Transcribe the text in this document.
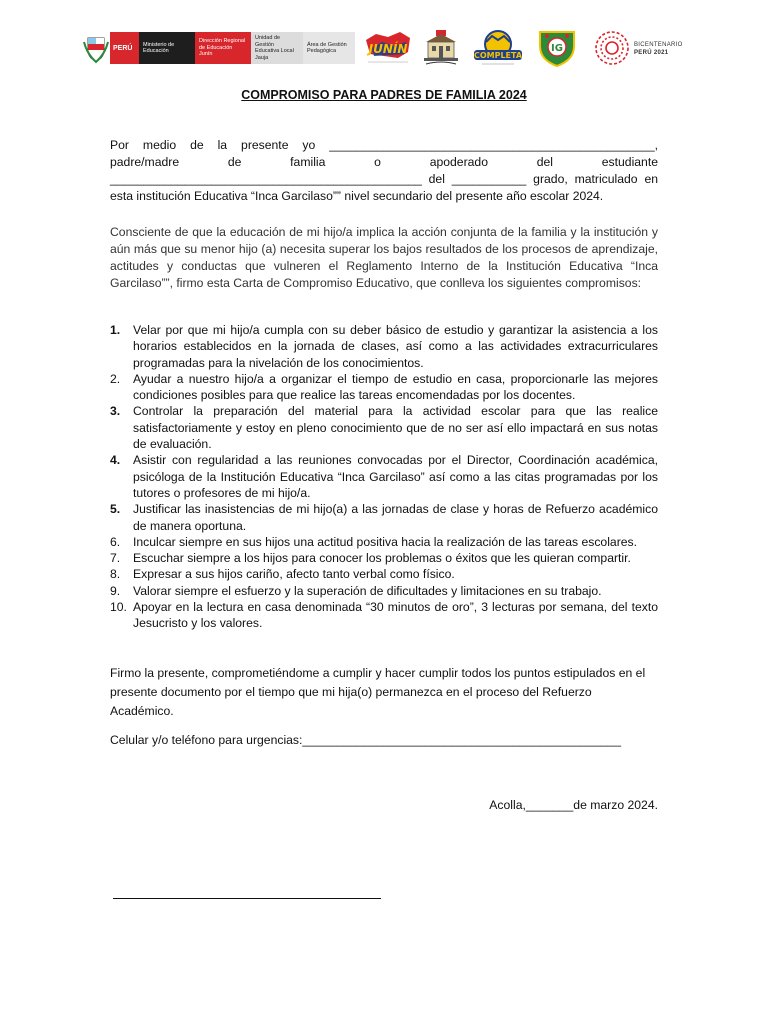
PERÚ	Ministerio de Educación
Dirección Regional de Educación Junín
Unidad de Gestión Educativa Local Jauja
Área de Gestión Pedagógica	JUNÍN	COMPLETA
IG	BICENTENARIO
PERÚ 2021
COMPROMISO PARA PADRES DE FAMILIA 2024
Por medio de la presente yo ________________________________________________, padre/madre de familia o apoderado del estudiante ______________________________________________ del ___________ grado, matriculado en esta institución Educativa “Inca Garcilaso”” nivel secundario del presente año escolar 2024.
Consciente de que la educación de mi hijo/a implica la acción conjunta de la familia y la institución y aún más que su menor hijo (a) necesita superar los bajos resultados de los procesos de aprendizaje, actitudes y conductas que vulneren el Reglamento Interno de la Institución Educativa “Inca Garcilaso””, firmo esta Carta de Compromiso Educativo, que conlleva los siguientes compromisos:
1.	Velar por que mi hijo/a cumpla con su deber básico de estudio y garantizar la asistencia a los horarios establecidos en la jornada de clases, así como a las actividades extracurriculares programadas para la nivelación de los conocimientos.
2.	Ayudar a nuestro hijo/a a organizar el tiempo de estudio en casa, proporcionarle las mejores condiciones posibles para que realice las tareas encomendadas por los docentes.
3.	Controlar la preparación del material para la actividad escolar para que las realice satisfactoriamente y estoy en pleno conocimiento que de no ser así ello impactará en sus notas de evaluación.
4.	Asistir con regularidad a las reuniones convocadas por el Director, Coordinación académica, psicóloga de la Institución Educativa “Inca Garcilaso” así como a las citas programadas por los tutores o profesores de mi hijo/a.
5.	Justificar las inasistencias de mi hijo(a) a las jornadas de clase y horas de Refuerzo académico de manera oportuna.
6.	Inculcar siempre en sus hijos una actitud positiva hacia la realización de las tareas escolares.
7.	Escuchar siempre a los hijos para conocer los problemas o éxitos que les quieran compartir.
8.	Expresar a sus hijos cariño, afecto tanto verbal como físico.
9.	Valorar siempre el esfuerzo y la superación de dificultades y limitaciones en su trabajo.
10. Apoyar en la lectura en casa denominada “30 minutos de oro”, 3 lecturas por semana, del texto Jesucristo y los valores.
Firmo la presente, comprometiéndome a cumplir y hacer cumplir todos los puntos estipulados en el presente documento por el tiempo que mi hija(o) permanezca en el proceso del Refuerzo Académico.
Celular y/o teléfono para urgencias:_______________________________________________
Acolla,_______de marzo 2024.
